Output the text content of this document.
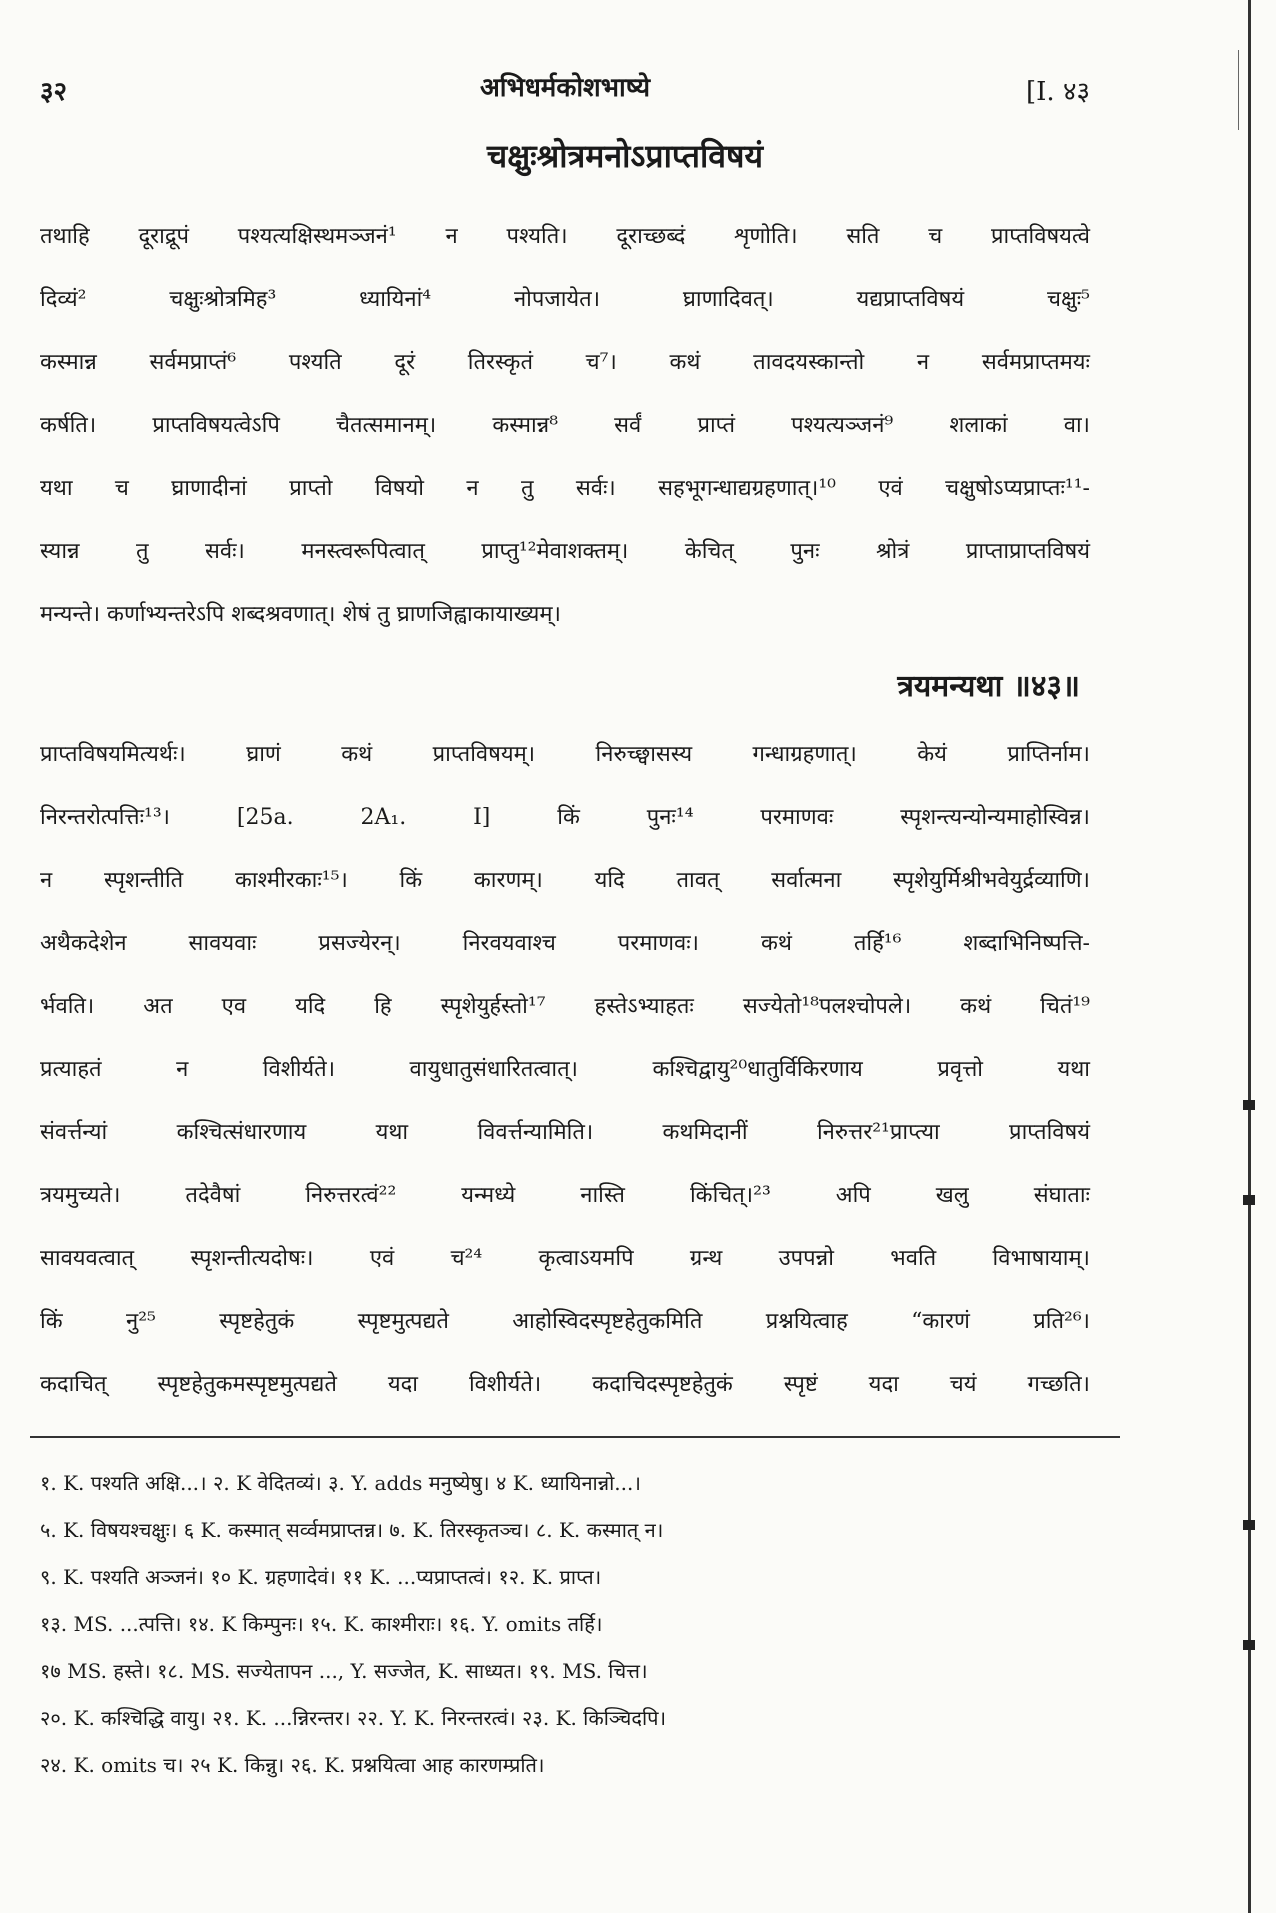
३२	अभिधर्मकोशभाष्ये	[I. ४३
चक्षुःश्रोत्रमनोऽप्राप्तविषयं

तथाहि दूराद्रूपं पश्यत्यक्षिस्थमञ्जनं¹ न पश्यति। दूराच्छब्दं शृणोति। सति च प्राप्तविषयत्वे

दिव्यं² चक्षुःश्रोत्रमिह³ ध्यायिनां⁴ नोपजायेत। घ्राणादिवत्। यद्यप्राप्तविषयं चक्षुः⁵

कस्मान्न सर्वमप्राप्तं⁶ पश्यति दूरं तिरस्कृतं च⁷। कथं तावदयस्कान्तो न सर्वमप्राप्तमयः

कर्षति। प्राप्तविषयत्वेऽपि चैतत्समानम्। कस्मान्न⁸ सर्वं प्राप्तं पश्यत्यञ्जनं⁹ शलाकां वा।

यथा च घ्राणादीनां प्राप्तो विषयो न तु सर्वः। सहभूगन्धाद्यग्रहणात्।¹⁰ एवं चक्षुषोऽप्यप्राप्तः¹¹-

स्यान्न तु सर्वः। मनस्त्वरूपित्वात् प्राप्तु¹²मेवाशक्तम्। केचित् पुनः श्रोत्रं प्राप्ताप्राप्तविषयं

मन्यन्ते। कर्णाभ्यन्तरेऽपि शब्दश्रवणात्। शेषं तु घ्राणजिह्वाकायाख्यम्।

त्रयमन्यथा ॥४३॥

प्राप्तविषयमित्यर्थः। घ्राणं कथं प्राप्तविषयम्। निरुच्छ्वासस्य गन्धाग्रहणात्। केयं प्राप्तिर्नाम।

निरन्तरोत्पत्तिः¹³। [25a. 2A₁. I] किं पुनः¹⁴ परमाणवः स्पृशन्त्यन्योन्यमाहोस्विन्न।

न स्पृशन्तीति काश्मीरकाः¹⁵। किं कारणम्। यदि तावत् सर्वात्मना स्पृशेयुर्मिश्रीभवेयुर्द्रव्याणि।

अथैकदेशेन सावयवाः प्रसज्येरन्। निरवयवाश्च परमाणवः। कथं तर्हि¹⁶ शब्दाभिनिष्पत्ति-

र्भवति। अत एव यदि हि स्पृशेयुर्हस्तो¹⁷ हस्तेऽभ्याहतः सज्येतो¹⁸पलश्चोपले। कथं चितं¹⁹

प्रत्याहतं न विशीर्यते। वायुधातुसंधारितत्वात्। कश्चिद्वायु²⁰धातुर्विकिरणाय प्रवृत्तो यथा

संवर्त्तन्यां कश्चित्संधारणाय यथा विवर्त्तन्यामिति। कथमिदानीं निरुत्तर²¹प्राप्त्या प्राप्तविषयं

त्रयमुच्यते। तदेवैषां निरुत्तरत्वं²² यन्मध्ये नास्ति किंचित्।²³ अपि खलु संघाताः

सावयवत्वात् स्पृशन्तीत्यदोषः। एवं च²⁴ कृत्वाऽयमपि ग्रन्थ उपपन्नो भवति विभाषायाम्।

किं नु²⁵ स्पृष्टहेतुकं स्पृष्टमुत्पद्यते आहोस्विदस्पृष्टहेतुकमिति प्रश्नयित्वाह “कारणं प्रति²⁶।

कदाचित् स्पृष्टहेतुकमस्पृष्टमुत्पद्यते यदा विशीर्यते। कदाचिदस्पृष्टहेतुकं स्पृष्टं यदा चयं गच्छति।

१. K. पश्यति अक्षि...। २. K वेदितव्यं। ३. Y. adds मनुष्येषु। ४ K. ध्यायिनान्नो...।

५. K. विषयश्चक्षुः। ६ K. कस्मात् सर्व्वमप्राप्तन्न। ७. K. तिरस्कृतञ्च। ८. K. कस्मात् न।

९. K. पश्यति अञ्जनं। १० K. ग्रहणादेवं। ११ K. ...प्यप्राप्तत्वं। १२. K. प्राप्त।

१३. MS. ...त्पत्ति। १४. K किम्पुनः। १५. K. काश्मीराः। १६. Y. omits तर्हि।

१७ MS. हस्ते। १८. MS. सज्येतापन ..., Y. सज्जेत, K. साध्यत। १९. MS. चित्त।

२०. K. कश्चिद्धि वायु। २१. K. ...न्निरन्तर। २२. Y. K. निरन्तरत्वं। २३. K. किञ्चिदपि।

२४. K. omits च। २५ K. किन्नु। २६. K. प्रश्नयित्वा आह कारणम्प्रति।
